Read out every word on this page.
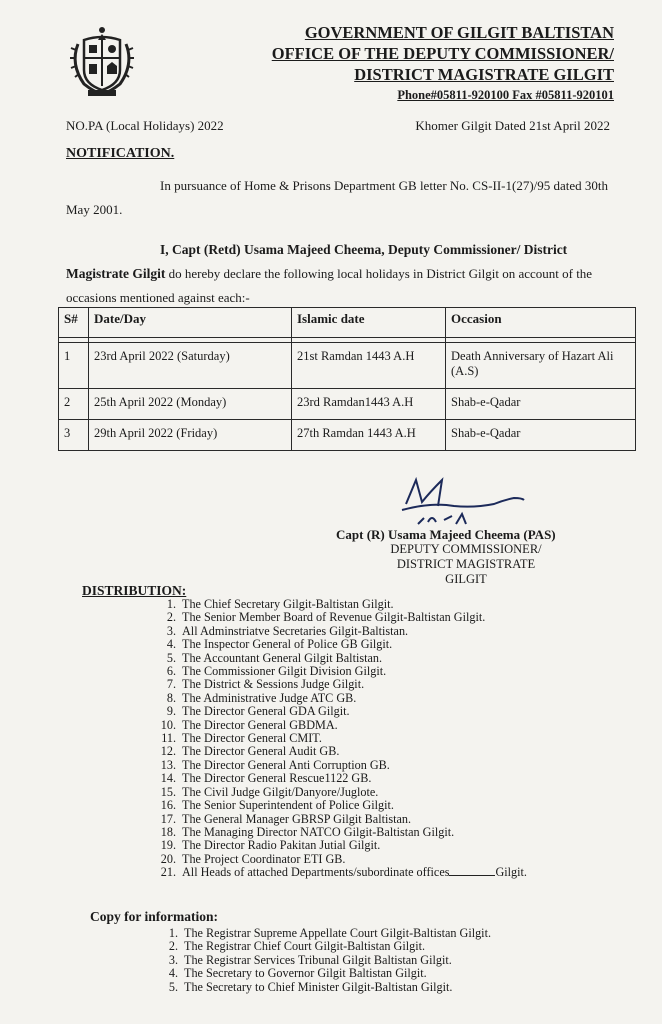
GOVERNMENT OF GILGIT BALTISTAN
OFFICE OF THE DEPUTY COMMISSIONER/
DISTRICT MAGISTRATE GILGIT
Phone#05811-920100 Fax #05811-920101
NO.PA (Local Holidays) 2022	Khomer Gilgit Dated 21st April 2022
NOTIFICATION.
In pursuance of Home & Prisons Department GB letter No. CS-II-1(27)/95 dated 30th May 2001.
I, Capt (Retd) Usama Majeed Cheema, Deputy Commissioner/ District Magistrate Gilgit do hereby declare the following local holidays in District Gilgit on account of the occasions mentioned against each:-
S#	Date/Day	Islamic date	Occasion

1	23rd April 2022 (Saturday)	21st Ramdan 1443 A.H	Death Anniversary of Hazart Ali (A.S)
2	25th April 2022 (Monday)	23rd Ramdan1443 A.H	Shab-e-Qadar
3	29th April 2022 (Friday)	27th Ramdan 1443 A.H	Shab-e-Qadar
Capt (R) Usama Majeed Cheema (PAS)
DEPUTY COMMISSIONER/
DISTRICT MAGISTRATE
GILGIT
DISTRIBUTION:
1. The Chief Secretary Gilgit-Baltistan Gilgit.
2. The Senior Member Board of Revenue Gilgit-Baltistan Gilgit.
3. All Adminstriatve Secretaries Gilgit-Baltistan.
4. The Inspector General of Police GB Gilgit.
5. The Accountant General Gilgit Baltistan.
6. The Commissioner Gilgit Division Gilgit.
7. The District & Sessions Judge Gilgit.
8. The Administrative Judge ATC GB.
9. The Director General GDA Gilgit.
10. The Director General GBDMA.
11. The Director General CMIT.
12. The Director General Audit GB.
13. The Director General Anti Corruption GB.
14. The Director General Rescue1122 GB.
15. The Civil Judge Gilgit/Danyore/Juglote.
16. The Senior Superintendent of Police Gilgit.
17. The General Manager GBRSP Gilgit Baltistan.
18. The Managing Director NATCO Gilgit-Baltistan Gilgit.
19. The Director Radio Pakitan Jutial Gilgit.
20. The Project Coordinator ETI GB.
21. All Heads of attached Departments/subordinate offices	Gilgit.
Copy for information:
1. The Registrar Supreme Appellate Court Gilgit-Baltistan Gilgit.
2. The Registrar Chief Court Gilgit-Baltistan Gilgit.
3. The Registrar Services Tribunal Gilgit Baltistan Gilgit.
4. The Secretary to Governor Gilgit Baltistan Gilgit.
5. The Secretary to Chief Minister Gilgit-Baltistan Gilgit.
